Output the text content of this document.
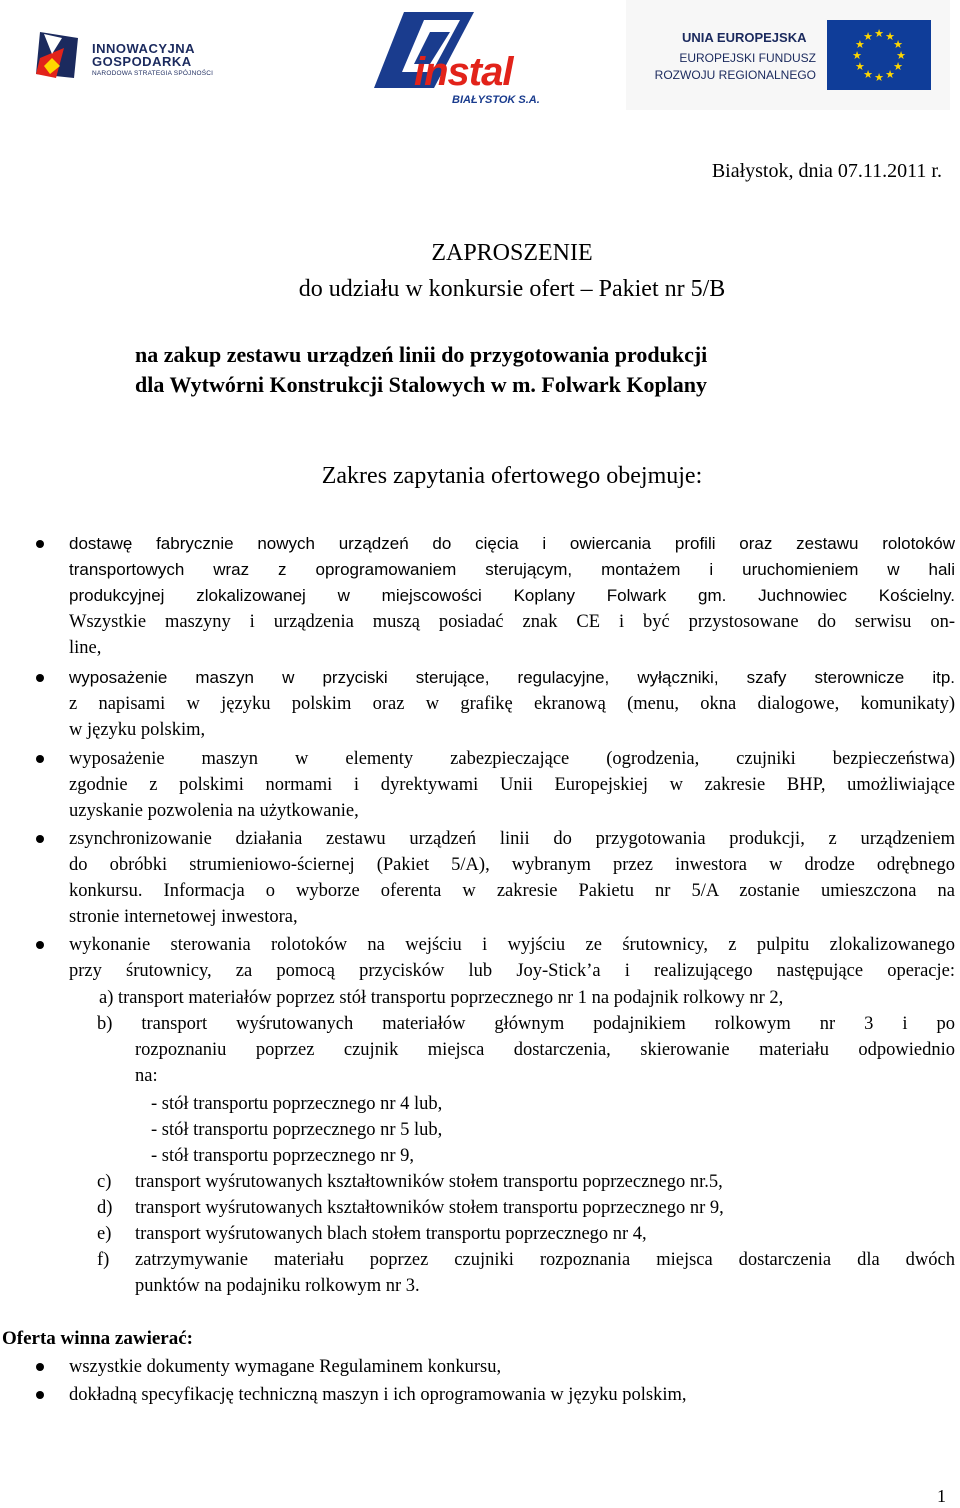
INNOWACYJNA
GOSPODARKA
NARODOWA STRATEGIA SPÓJNOŚCI	instal
BIAŁYSTOK S.A.
UNIA EUROPEJSKA
EUROPEJSKI FUNDUSZ
ROZWOJU REGIONALNEGO
★ ★
★
★
★
★
★
★
★
★
★
★
Białystok, dnia 07.11.2011 r.
ZAPROSZENIE
do udziału w konkursie ofert – Pakiet nr 5/B
na zakup zestawu urządzeń linii do przygotowania produkcji
dla Wytwórni Konstrukcji Stalowych w m. Folwark Koplany
Zakres zapytania ofertowego obejmuje:
dostawę fabrycznie nowych urządzeń do cięcia i owiercania profili oraz zestawu rolotoków
transportowych wraz z oprogramowaniem sterującym, montażem i uruchomieniem w hali
produkcyjnej zlokalizowanej w miejscowości Koplany Folwark gm. Juchnowiec Kościelny.
Wszystkie maszyny i urządzenia muszą posiadać znak CE i być przystosowane do serwisu on-
line,
wyposażenie maszyn w przyciski sterujące, regulacyjne, wyłączniki, szafy sterownicze itp.
z napisami w języku polskim oraz w grafikę ekranową (menu, okna dialogowe, komunikaty)
w języku polskim,
wyposażenie maszyn w elementy zabezpieczające (ogrodzenia, czujniki bezpieczeństwa)
zgodnie z polskimi normami i dyrektywami Unii Europejskiej w zakresie BHP, umożliwiające
uzyskanie pozwolenia na użytkowanie,
zsynchronizowanie działania zestawu urządzeń linii do przygotowania produkcji, z urządzeniem
do obróbki strumieniowo-ściernej (Pakiet 5/A), wybranym przez inwestora w drodze odrębnego
konkursu. Informacja o wyborze oferenta w zakresie Pakietu nr 5/A zostanie umieszczona na
stronie internetowej inwestora,
wykonanie sterowania rolotoków na wejściu i wyjściu ze śrutownicy, z pulpitu zlokalizowanego
przy śrutownicy, za pomocą przycisków lub Joy-Stick’a i realizującego następujące operacje:
a) transport materiałów poprzez stół transportu poprzecznego nr 1 na podajnik rolkowy nr 2,
b) transport wyśrutowanych materiałów głównym podajnikiem rolkowym nr 3 i po
rozpoznaniu poprzez czujnik miejsca dostarczenia, skierowanie materiału odpowiednio
na:
- stół transportu poprzecznego nr 4 lub,
- stół transportu poprzecznego nr 5 lub,
- stół transportu poprzecznego nr 9,
c) transport wyśrutowanych kształtowników stołem transportu poprzecznego nr.5,
d) transport wyśrutowanych kształtowników stołem transportu poprzecznego nr 9,
e) transport wyśrutowanych blach stołem transportu poprzecznego nr 4,
f) zatrzymywanie materiału poprzez czujniki rozpoznania miejsca dostarczenia dla dwóch
punktów na podajniku rolkowym nr 3.
Oferta winna zawierać:
wszystkie dokumenty wymagane Regulaminem konkursu,
dokładną specyfikację techniczną maszyn i ich oprogramowania w języku polskim,
1
